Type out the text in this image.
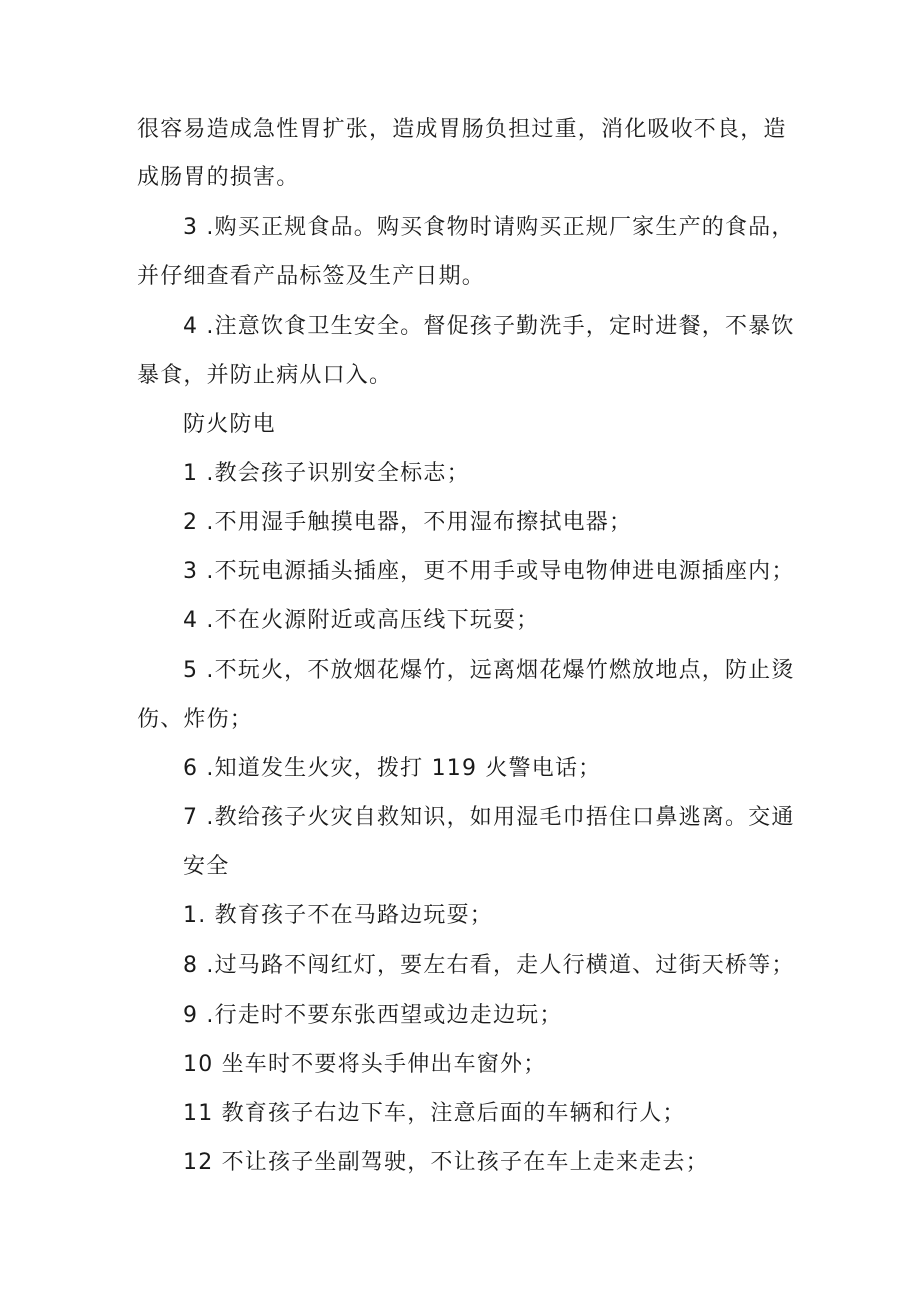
很容易造成急性胃扩张，造成胃肠负担过重，消化吸收不良，造
成肠胃的损害。
3 .购买正规食品。购买食物时请购买正规厂家生产的食品，
并仔细查看产品标签及生产日期。
4 .注意饮食卫生安全。督促孩子勤洗手，定时进餐，不暴饮
暴食，并防止病从口入。
防火防电
1 .教会孩子识别安全标志；
2 .不用湿手触摸电器，不用湿布擦拭电器；
3 .不玩电源插头插座，更不用手或导电物伸进电源插座内；
4 .不在火源附近或高压线下玩耍；
5 .不玩火，不放烟花爆竹，远离烟花爆竹燃放地点，防止烫
伤、炸伤；
6 .知道发生火灾，拨打 119 火警电话；
7 .教给孩子火灾自救知识，如用湿毛巾捂住口鼻逃离。交通
安全
1. 教育孩子不在马路边玩耍；
8 .过马路不闯红灯，要左右看，走人行横道、过街天桥等；
9 .行走时不要东张西望或边走边玩；
10 坐车时不要将头手伸出车窗外；
11 教育孩子右边下车，注意后面的车辆和行人；
12 不让孩子坐副驾驶，不让孩子在车上走来走去；
